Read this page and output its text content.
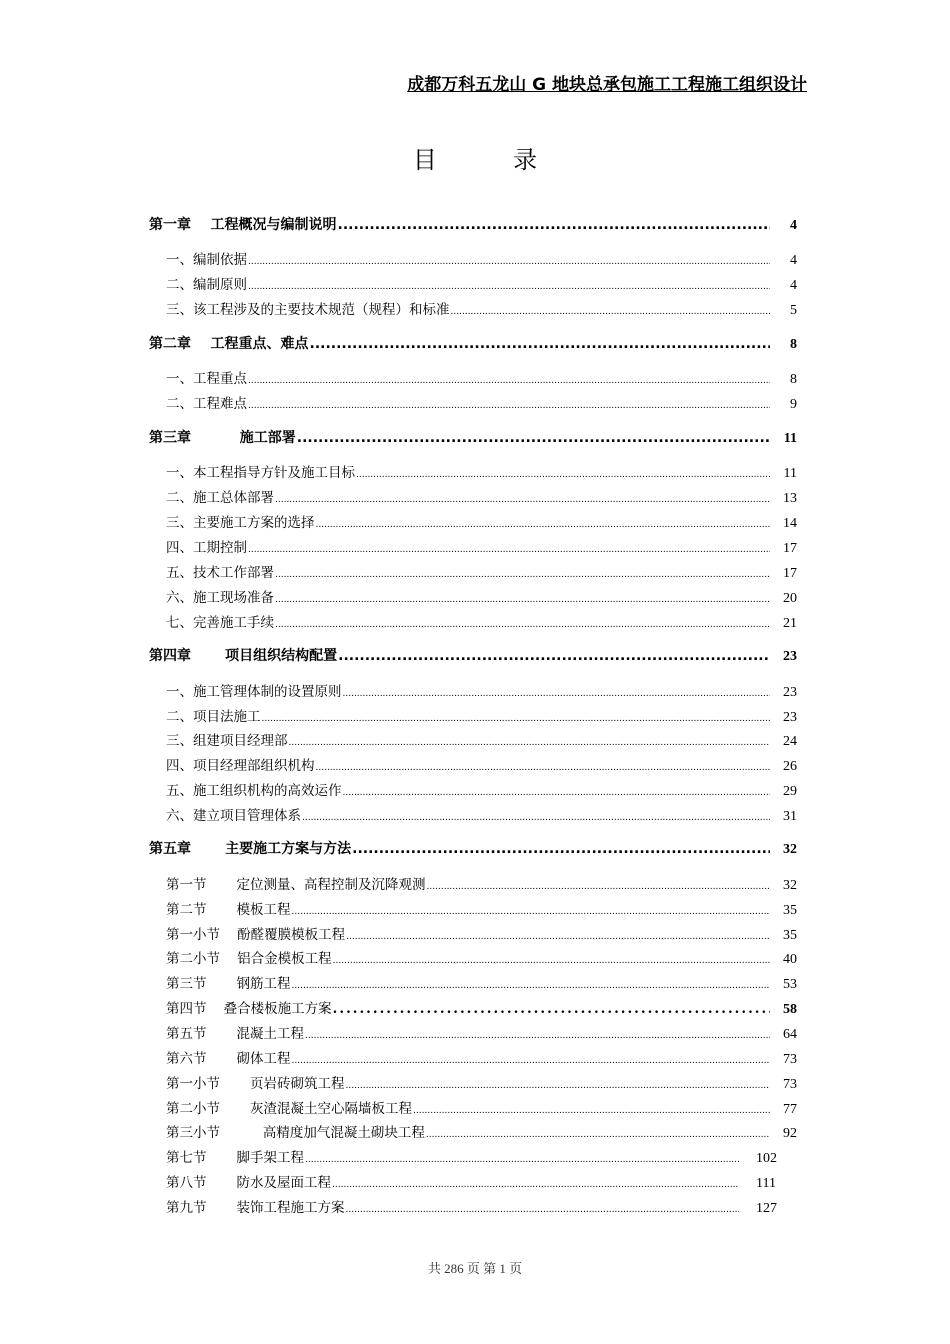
成都万科五龙山 G 地块总承包施工工程施工组织设计
目          录
第一章    工程概况与编制说明 .....	4
一、编制依据 .....	4
二、编制原则 .....	4
三、该工程涉及的主要技术规范（规程）和标准 .....	5
第二章    工程重点、难点 .....	8
一、工程重点 .....	8
二、工程难点 .....	9
第三章          施工部署 .....	11
一、本工程指导方针及施工目标 .....	11
二、施工总体部署 .....	13
三、主要施工方案的选择 .....	14
四、工期控制 .....	17
五、技术工作部署 .....	17
六、施工现场准备 .....	20
七、完善施工手续 .....	21
第四章       项目组织结构配置 .....	23
一、施工管理体制的设置原则 .....	23
二、项目法施工 .....	23
三、组建项目经理部 .....	24
四、项目经理部组织机构 .....	26
五、施工组织机构的高效运作 .....	29
六、建立项目管理体系 .....	31
第五章       主要施工方案与方法 .....	32
第一节       定位测量、高程控制及沉降观测 .....	32
第二节       模板工程 .....	35
第一小节    酚醛覆膜模板工程 .....	35
第二小节    铝合金模板工程 .....	40
第三节       钢筋工程 .....	53
第四节    叠合楼板施工方案 .....	58
第五节       混凝土工程 .....	64
第六节       砌体工程 .....	73
第一小节       页岩砖砌筑工程 .....	73
第二小节       灰渣混凝土空心隔墙板工程 .....	77
第三小节          高精度加气混凝土砌块工程 .....	92
第七节       脚手架工程 .....	102
第八节       防水及屋面工程 .....	111
第九节       装饰工程施工方案 .....	127
共 286 页 第 1 页
